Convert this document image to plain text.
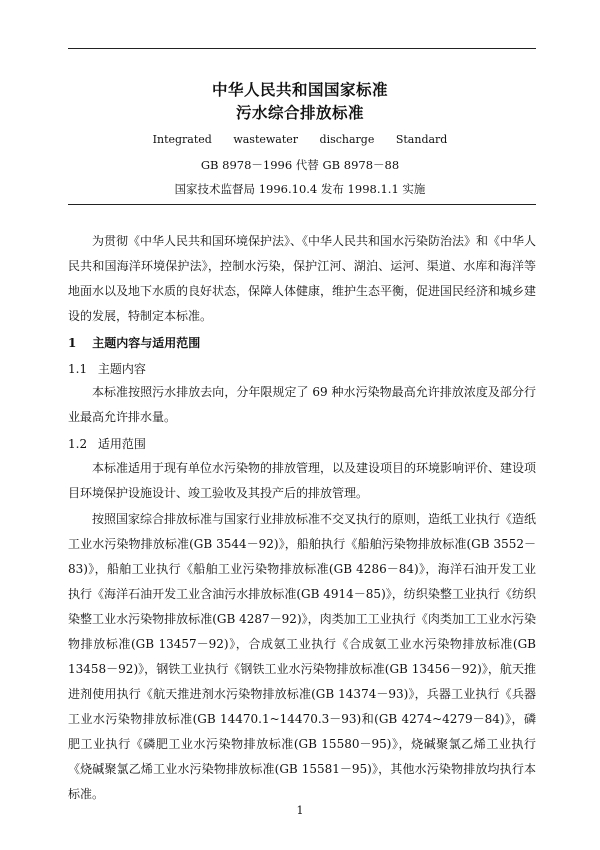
中华人民共和国国家标准
污水综合排放标准
Integrated wastewater discharge Standard
GB 8978－1996 代替 GB 8978－88
国家技术监督局 1996.10.4 发布 1998.1.1 实施

为贯彻《中华人民共和国环境保护法》、《中华人民共和国水污染防治法》和《中华人民共和国海洋环境保护法》，控制水污染，保护江河、湖泊、运河、渠道、水库和海洋等地面水以及地下水质的良好状态，保障人体健康，维护生态平衡，促进国民经济和城乡建设的发展，特制定本标准。

1 主题内容与适用范围

1.1 主题内容

本标准按照污水排放去向，分年限规定了 69 种水污染物最高允许排放浓度及部分行业最高允许排水量。

1.2 适用范围

本标准适用于现有单位水污染物的排放管理，以及建设项目的环境影响评价、建设项目环境保护设施设计、竣工验收及其投产后的排放管理。

按照国家综合排放标准与国家行业排放标准不交叉执行的原则，造纸工业执行《造纸工业水污染物排放标准(GB 3544－92)》，船舶执行《船舶污染物排放标准(GB 3552－83)》，船舶工业执行《船舶工业污染物排放标准(GB 4286－84)》，海洋石油开发工业执行《海洋石油开发工业含油污水排放标准(GB 4914－85)》，纺织染整工业执行《纺织染整工业水污染物排放标准(GB 4287－92)》，肉类加工工业执行《肉类加工工业水污染物排放标准(GB 13457－92)》，合成氨工业执行《合成氨工业水污染物排放标准(GB 13458－92)》，钢铁工业执行《钢铁工业水污染物排放标准(GB 13456－92)》，航天推进剂使用执行《航天推进剂水污染物排放标准(GB 14374－93)》，兵器工业执行《兵器工业水污染物排放标准(GB 14470.1~14470.3－93)和(GB 4274~4279－84)》，磷肥工业执行《磷肥工业水污染物排放标准(GB 15580－95)》，烧碱聚氯乙烯工业执行《烧碱聚氯乙烯工业水污染物排放标准(GB 15581－95)》，其他水污染物排放均执行本标准。

1
